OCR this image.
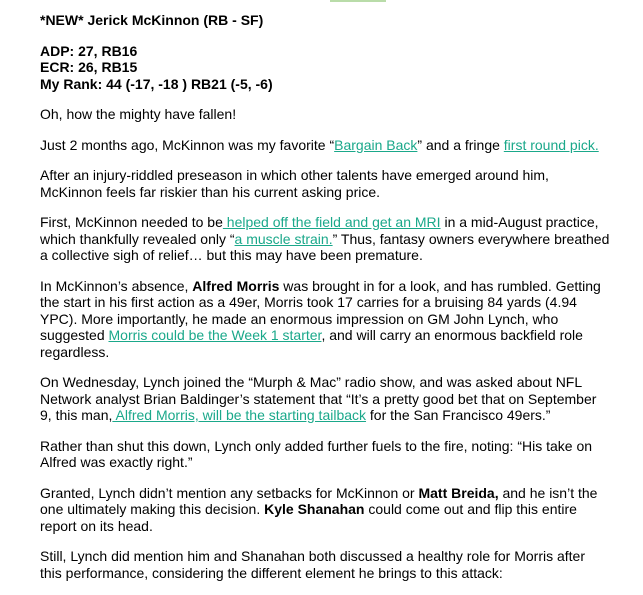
*NEW* Jerick McKinnon (RB - SF)
ADP: 27, RB16
ECR: 26, RB15
My Rank: 44 (-17, -18 ) RB21 (-5, -6)

Oh, how the mighty have fallen!

Just 2 months ago, McKinnon was my favorite “Bargain Back” and a fringe first round pick.

After an injury-riddled preseason in which other talents have emerged around him, McKinnon feels far riskier than his current asking price.

First, McKinnon needed to be helped off the field and get an MRI in a mid-August practice, which thankfully revealed only “a muscle strain.” Thus, fantasy owners everywhere breathed a collective sigh of relief… but this may have been premature.

In McKinnon’s absence, Alfred Morris was brought in for a look, and has rumbled. Getting the start in his first action as a 49er, Morris took 17 carries for a bruising 84 yards (4.94 YPC). More importantly, he made an enormous impression on GM John Lynch, who suggested Morris could be the Week 1 starter, and will carry an enormous backfield role regardless.

On Wednesday, Lynch joined the “Murph & Mac” radio show, and was asked about NFL Network analyst Brian Baldinger’s statement that “It’s a pretty good bet that on September 9, this man, Alfred Morris, will be the starting tailback for the San Francisco 49ers.”

Rather than shut this down, Lynch only added further fuels to the fire, noting: “His take on Alfred was exactly right.”

Granted, Lynch didn’t mention any setbacks for McKinnon or Matt Breida, and he isn’t the one ultimately making this decision. Kyle Shanahan could come out and flip this entire report on its head.

Still, Lynch did mention him and Shanahan both discussed a healthy role for Morris after this performance, considering the different element he brings to this attack:
